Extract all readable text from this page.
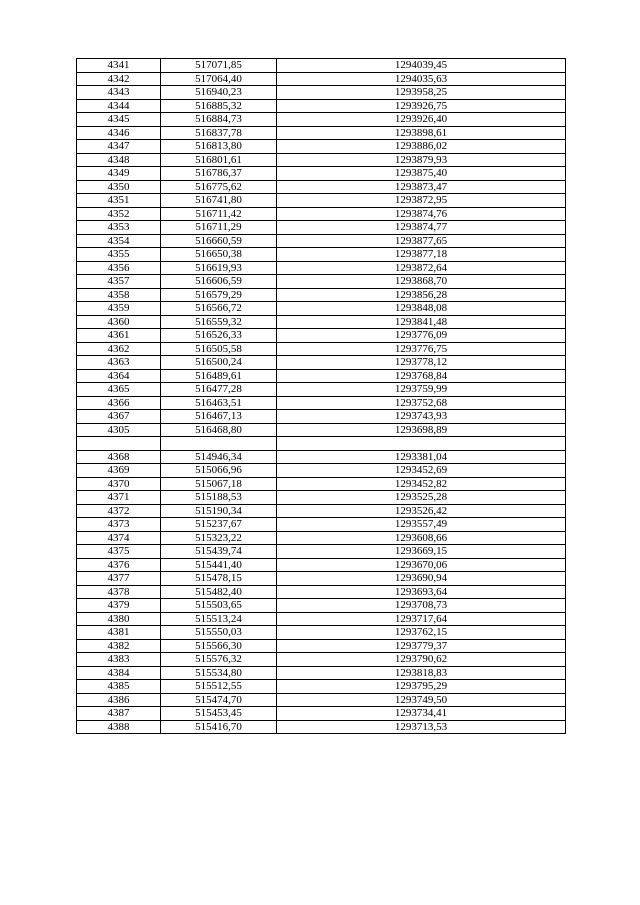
4341	517071,85	1294039,45
4342	517064,40	1294035,63
4343	516940,23	1293958,25
4344	516885,32	1293926,75
4345	516884,73	1293926,40
4346	516837,78	1293898,61
4347	516813,80	1293886,02
4348	516801,61	1293879,93
4349	516786,37	1293875,40
4350	516775,62	1293873,47
4351	516741,80	1293872,95
4352	516711,42	1293874,76
4353	516711,29	1293874,77
4354	516660,59	1293877,65
4355	516650,38	1293877,18
4356	516619,93	1293872,64
4357	516606,59	1293868,70
4358	516579,29	1293856,28
4359	516566,72	1293848,08
4360	516559,32	1293841,48
4361	516526,33	1293776,09
4362	516505,58	1293776,75
4363	516500,24	1293778,12
4364	516489,61	1293768,84
4365	516477,28	1293759,99
4366	516463,51	1293752,68
4367	516467,13	1293743,93
4305	516468,80	1293698,89

4368	514946,34	1293381,04
4369	515066,96	1293452,69
4370	515067,18	1293452,82
4371	515188,53	1293525,28
4372	515190,34	1293526,42
4373	515237,67	1293557,49
4374	515323,22	1293608,66
4375	515439,74	1293669,15
4376	515441,40	1293670,06
4377	515478,15	1293690,94
4378	515482,40	1293693,64
4379	515503,65	1293708,73
4380	515513,24	1293717,64
4381	515550,03	1293762,15
4382	515566,30	1293779,37
4383	515576,32	1293790,62
4384	515534,80	1293818,83
4385	515512,55	1293795,29
4386	515474,70	1293749,50
4387	515453,45	1293734,41
4388	515416,70	1293713,53
